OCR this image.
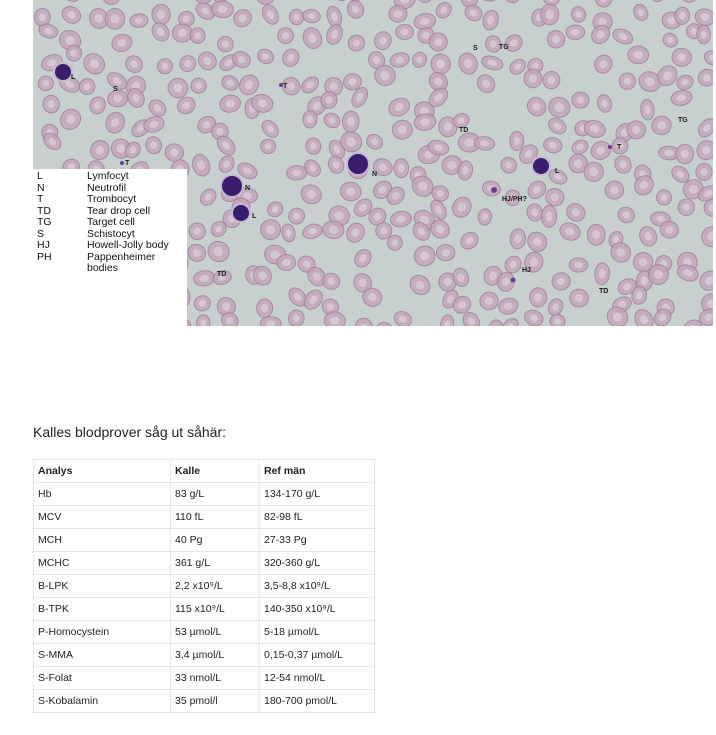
L
S	T
S	TG
TG
TD
T
N
N
L
L
HJ/PH?
TD
HJ
TD
T
L	Lymfocyt
N	Neutrofil
T	Trombocyt
TD	Tear drop cell
TG	Target cell
S	Schistocyt
HJ	Howell-Jolly body
PH	Pappenheimer bodies

Kalles blodprover såg ut såhär:

Analys	Kalle	Ref män
Hb	83 g/L	134-170 g/L
MCV	110 fL	82-98 fL
MCH	40 Pg	27-33 Pg
MCHC	361 g/L	320-360 g/L
B-LPK	2,2 x10⁹/L	3,5-8,8 x10⁹/L
B-TPK	115 x10⁹/L	140-350 x10⁹/L
P-Homocystein	53 µmol/L	5-18 µmol/L
S-MMA	3,4 µmol/L	0,15-0,37 µmol/L
S-Folat	33 nmol/L	12-54 nmol/L
S-Kobalamin	35 pmol/l	180-700 pmol/L
